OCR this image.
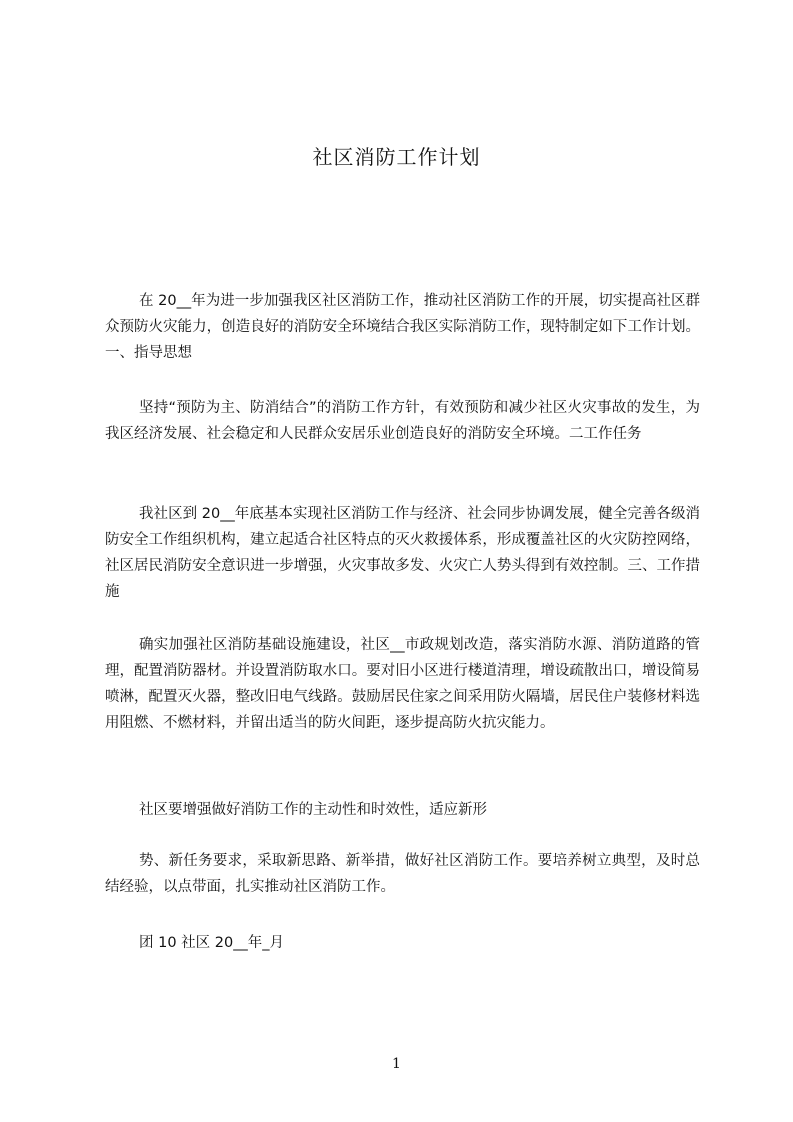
社区消防工作计划

在 20__年为进一步加强我区社区消防工作，推动社区消防工作的开展，切实提高社区群众预防火灾能力，创造良好的消防安全环境结合我区实际消防工作，现特制定如下工作计划。一、指导思想

坚持“预防为主、防消结合”的消防工作方针，有效预防和减少社区火灾事故的发生，为我区经济发展、社会稳定和人民群众安居乐业创造良好的消防安全环境。二工作任务

我社区到 20__年底基本实现社区消防工作与经济、社会同步协调发展，健全完善各级消防安全工作组织机构，建立起适合社区特点的灭火救援体系，形成覆盖社区的火灾防控网络，社区居民消防安全意识进一步增强，火灾事故多发、火灾亡人势头得到有效控制。三、工作措施

确实加强社区消防基础设施建设，社区__市政规划改造，落实消防水源、消防道路的管理，配置消防器材。并设置消防取水口。要对旧小区进行楼道清理，增设疏散出口，增设简易喷淋，配置灭火器，整改旧电气线路。鼓励居民住家之间采用防火隔墙，居民住户装修材料选用阻燃、不燃材料，并留出适当的防火间距，逐步提高防火抗灾能力。

社区要增强做好消防工作的主动性和时效性，适应新形

势、新任务要求，采取新思路、新举措，做好社区消防工作。要培养树立典型，及时总结经验，以点带面，扎实推动社区消防工作。

团 10 社区 20__年_月

1
